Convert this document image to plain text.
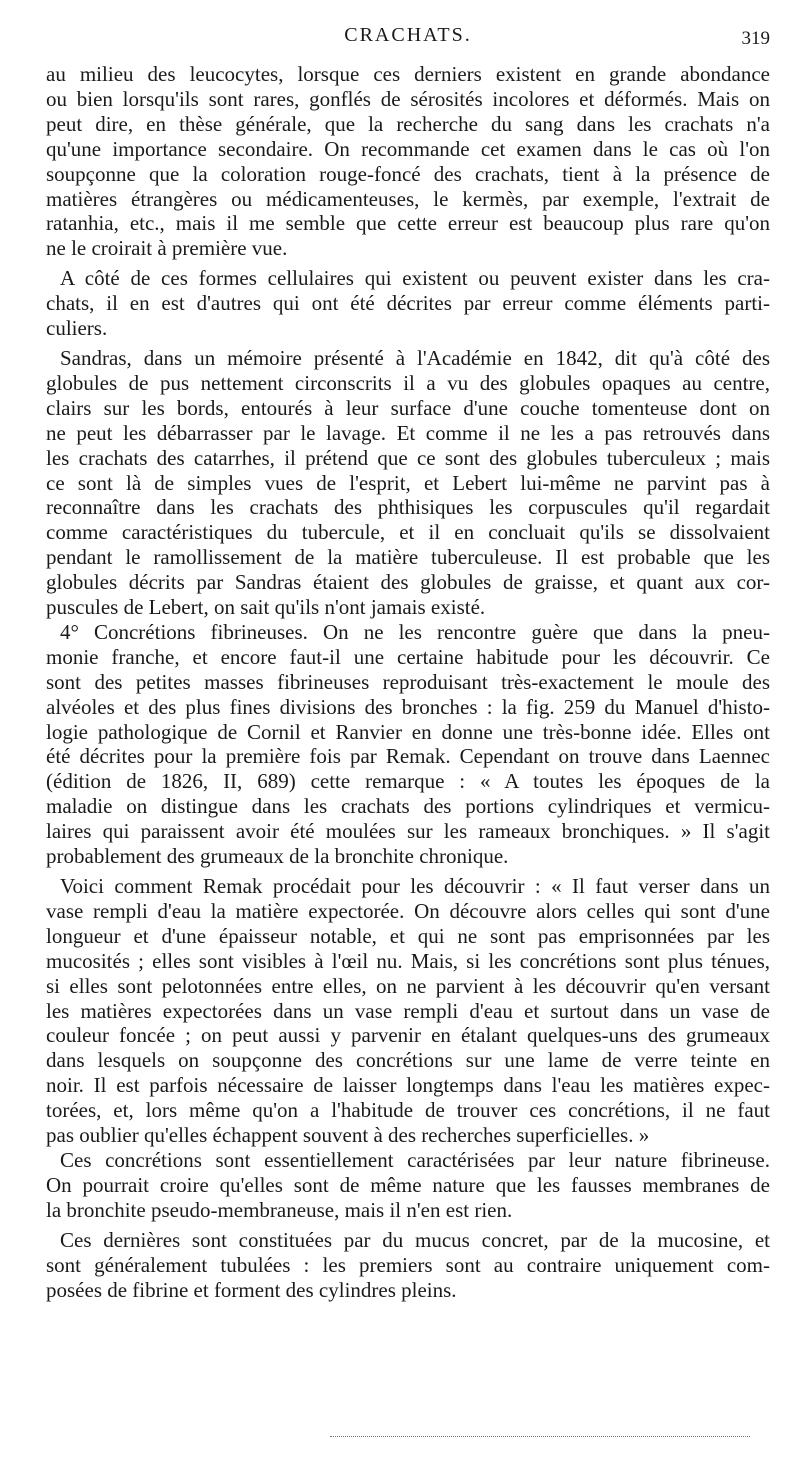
CRACHATS.	319
au milieu des leucocytes, lorsque ces derniers existent en grande abondance
ou bien lorsqu'ils sont rares, gonflés de sérosités incolores et déformés. Mais on
peut dire, en thèse générale, que la recherche du sang dans les crachats n'a
qu'une importance secondaire. On recommande cet examen dans le cas où l'on
soupçonne que la coloration rouge-foncé des crachats, tient à la présence de
matières étrangères ou médicamenteuses, le kermès, par exemple, l'extrait de
ratanhia, etc., mais il me semble que cette erreur est beaucoup plus rare qu'on
ne le croirait à première vue.
A côté de ces formes cellulaires qui existent ou peuvent exister dans les cra-
chats, il en est d'autres qui ont été décrites par erreur comme éléments parti-
culiers.
Sandras, dans un mémoire présenté à l'Académie en 1842, dit qu'à côté des
globules de pus nettement circonscrits il a vu des globules opaques au centre,
clairs sur les bords, entourés à leur surface d'une couche tomenteuse dont on
ne peut les débarrasser par le lavage. Et comme il ne les a pas retrouvés dans
les crachats des catarrhes, il prétend que ce sont des globules tuberculeux ; mais
ce sont là de simples vues de l'esprit, et Lebert lui-même ne parvint pas à
reconnaître dans les crachats des phthisiques les corpuscules qu'il regardait
comme caractéristiques du tubercule, et il en concluait qu'ils se dissolvaient
pendant le ramollissement de la matière tuberculeuse. Il est probable que les
globules décrits par Sandras étaient des globules de graisse, et quant aux cor-
puscules de Lebert, on sait qu'ils n'ont jamais existé.
4° Concrétions fibrineuses. On ne les rencontre guère que dans la pneu-
monie franche, et encore faut-il une certaine habitude pour les découvrir. Ce
sont des petites masses fibrineuses reproduisant très-exactement le moule des
alvéoles et des plus fines divisions des bronches : la fig. 259 du Manuel d'histo-
logie pathologique de Cornil et Ranvier en donne une très-bonne idée. Elles ont
été décrites pour la première fois par Remak. Cependant on trouve dans Laennec
(édition de 1826, II, 689) cette remarque : « A toutes les époques de la
maladie on distingue dans les crachats des portions cylindriques et vermicu-
laires qui paraissent avoir été moulées sur les rameaux bronchiques. » Il s'agit
probablement des grumeaux de la bronchite chronique.
Voici comment Remak procédait pour les découvrir : « Il faut verser dans un
vase rempli d'eau la matière expectorée. On découvre alors celles qui sont d'une
longueur et d'une épaisseur notable, et qui ne sont pas emprisonnées par les
mucosités ; elles sont visibles à l'œil nu. Mais, si les concrétions sont plus ténues,
si elles sont pelotonnées entre elles, on ne parvient à les découvrir qu'en versant
les matières expectorées dans un vase rempli d'eau et surtout dans un vase de
couleur foncée ; on peut aussi y parvenir en étalant quelques-uns des grumeaux
dans lesquels on soupçonne des concrétions sur une lame de verre teinte en
noir. Il est parfois nécessaire de laisser longtemps dans l'eau les matières expec-
torées, et, lors même qu'on a l'habitude de trouver ces concrétions, il ne faut
pas oublier qu'elles échappent souvent à des recherches superficielles. »
Ces concrétions sont essentiellement caractérisées par leur nature fibrineuse.
On pourrait croire qu'elles sont de même nature que les fausses membranes de
la bronchite pseudo-membraneuse, mais il n'en est rien.
Ces dernières sont constituées par du mucus concret, par de la mucosine, et
sont généralement tubulées : les premiers sont au contraire uniquement com-
posées de fibrine et forment des cylindres pleins.
